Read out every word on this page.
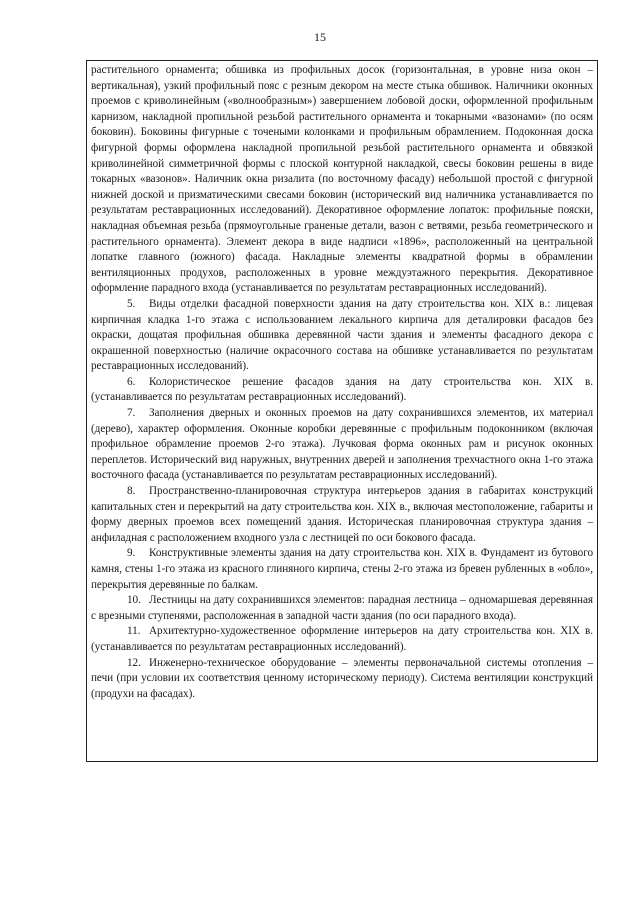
15

растительного орнамента; обшивка из профильных досок (горизонтальная, в уровне низа окон – вертикальная), узкий профильный пояс с резным декором на месте стыка обшивок. Наличники оконных проемов с криволинейным («волнообразным») завершением лобовой доски, оформленной профильным карнизом, накладной пропильной резьбой растительного орнамента и токарными «вазонами» (по осям боковин). Боковины фигурные с точеными колонками и профильным обрамлением. Подоконная доска фигурной формы оформлена накладной пропильной резьбой растительного орнамента и обвязкой криволинейной симметричной формы с плоской контурной накладкой, свесы боковин решены в виде токарных «вазонов». Наличник окна ризалита (по восточному фасаду) небольшой простой с фигурной нижней доской и призматическими свесами боковин (исторический вид наличника устанавливается по результатам реставрационных исследований). Декоративное оформление лопаток: профильные пояски, накладная объемная резьба (прямоугольные граненые детали, вазон с ветвями, резьба геометрического и растительного орнамента). Элемент декора в виде надписи «1896», расположенный на центральной лопатке главного (южного) фасада. Накладные элементы квадратной формы в обрамлении вентиляционных продухов, расположенных в уровне междуэтажного перекрытия. Декоративное оформление парадного входа (устанавливается по результатам реставрационных исследований).

5. Виды отделки фасадной поверхности здания на дату строительства кон. XIX в.: лицевая кирпичная кладка 1-го этажа с использованием лекального кирпича для деталировки фасадов без окраски, дощатая профильная обшивка деревянной части здания и элементы фасадного декора с окрашенной поверхностью (наличие окрасочного состава на обшивке устанавливается по результатам реставрационных исследований).

6. Колористическое решение фасадов здания на дату строительства кон. XIX в. (устанавливается по результатам реставрационных исследований).

7. Заполнения дверных и оконных проемов на дату сохранившихся элементов, их материал (дерево), характер оформления. Оконные коробки деревянные с профильным подоконником (включая профильное обрамление проемов 2-го этажа). Лучковая форма оконных рам и рисунок оконных переплетов. Исторический вид наружных, внутренних дверей и заполнения трехчастного окна 1-го этажа восточного фасада (устанавливается по результатам реставрационных исследований).

8. Пространственно-планировочная структура интерьеров здания в габаритах конструкций капитальных стен и перекрытий на дату строительства кон. XIX в., включая местоположение, габариты и форму дверных проемов всех помещений здания. Историческая планировочная структура здания – анфиладная с расположением входного узла с лестницей по оси бокового фасада.

9. Конструктивные элементы здания на дату строительства кон. XIX в. Фундамент из бутового камня, стены 1-го этажа из красного глиняного кирпича, стены 2-го этажа из бревен рубленных в «обло», перекрытия деревянные по балкам.

10. Лестницы на дату сохранившихся элементов: парадная лестница – одномаршевая деревянная с врезными ступенями, расположенная в западной части здания (по оси парадного входа).

11. Архитектурно-художественное оформление интерьеров на дату строительства кон. XIX в. (устанавливается по результатам реставрационных исследований).

12. Инженерно-техническое оборудование – элементы первоначальной системы отопления – печи (при условии их соответствия ценному историческому периоду). Система вентиляции конструкций (продухи на фасадах).
